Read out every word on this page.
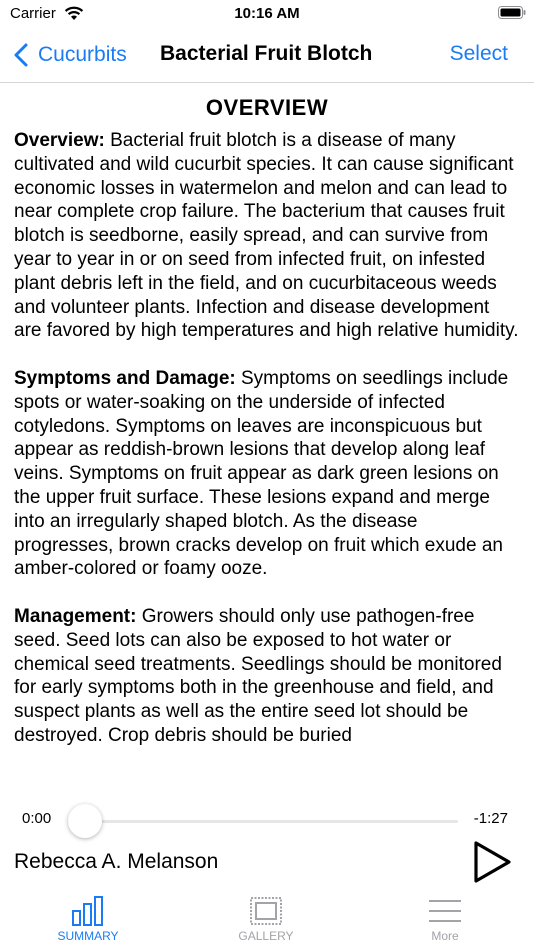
Carrier	10:16 AM
Cucurbits Bacterial Fruit Blotch	Select
OVERVIEW

Overview: Bacterial fruit blotch is a disease of many cultivated and wild cucurbit species. It can cause significant economic losses in watermelon and melon and can lead to near complete crop failure. The bacterium that causes fruit blotch is seedborne, easily spread, and can survive from year to year in or on seed from infected fruit, on infested plant debris left in the field, and on cucurbitaceous weeds and volunteer plants. Infection and disease development are favored by high temperatures and high relative humidity.

Symptoms and Damage: Symptoms on seedlings include spots or water-soaking on the underside of infected cotyledons. Symptoms on leaves are inconspicuous but appear as reddish-brown lesions that develop along leaf veins. Symptoms on fruit appear as dark green lesions on the upper fruit surface. These lesions expand and merge into an irregularly shaped blotch. As the disease progresses, brown cracks develop on fruit which exude an amber-colored or foamy ooze.

Management: Growers should only use pathogen-free seed. Seed lots can also be exposed to hot water or chemical seed treatments. Seedlings should be monitored for early symptoms both in the greenhouse and field, and suspect plants as well as the entire seed lot should be destroyed. Crop debris should be buried

0:00	-1:27
Rebecca A. Melanson
SUMMARY	GALLERY	More
